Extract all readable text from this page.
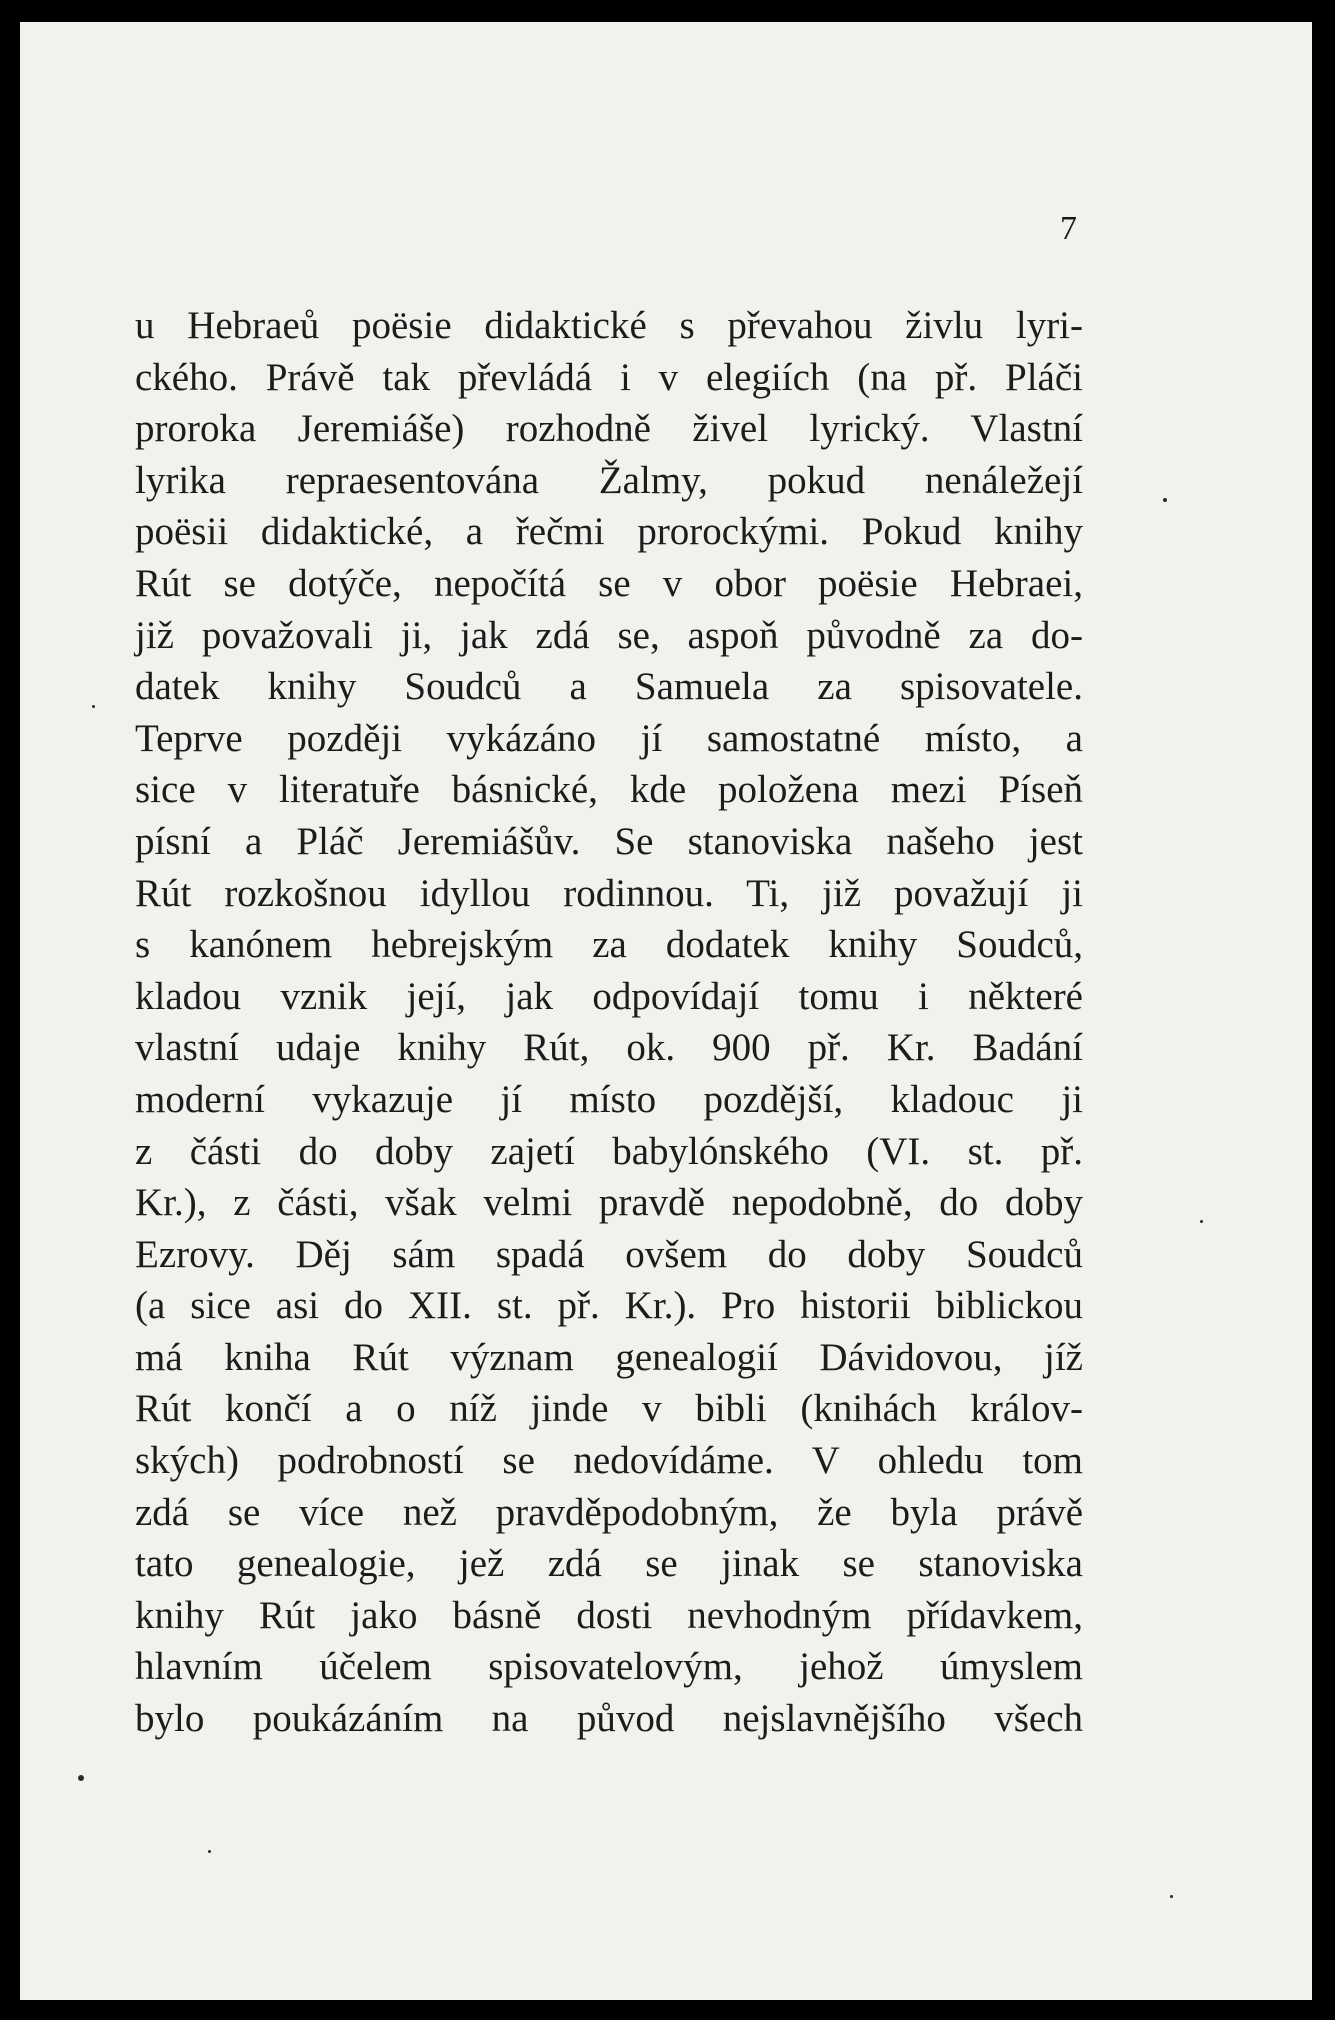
7
u Hebraeů poësie didaktické s převahou živlu lyri-
ckého. Právě tak převládá i v elegiích (na př. Pláči
proroka Jeremiáše) rozhodně živel lyrický. Vlastní
lyrika repraesentována Žalmy, pokud nenáležejí
poësii didaktické, a řečmi prorockými. Pokud knihy
Rút se dotýče, nepočítá se v obor poësie Hebraei,
již považovali ji, jak zdá se, aspoň původně za do-
datek knihy Soudců a Samuela za spisovatele.
Teprve později vykázáno jí samostatné místo, a
sice v literatuře básnické, kde položena mezi Píseň
písní a Pláč Jeremiášův. Se stanoviska našeho jest
Rút rozkošnou idyllou rodinnou. Ti, již považují ji
s kanónem hebrejským za dodatek knihy Soudců,
kladou vznik její, jak odpovídají tomu i některé
vlastní udaje knihy Rút, ok. 900 př. Kr. Badání
moderní vykazuje jí místo pozdější, kladouc ji
z části do doby zajetí babylónského (VI. st. př.
Kr.), z části, však velmi pravdě nepodobně, do doby
Ezrovy. Děj sám spadá ovšem do doby Soudců
(a sice asi do XII. st. př. Kr.). Pro historii biblickou
má kniha Rút význam genealogií Dávidovou, jíž
Rút končí a o níž jinde v bibli (knihách králov-
ských) podrobností se nedovídáme. V ohledu tom
zdá se více než pravděpodobným, že byla právě
tato genealogie, jež zdá se jinak se stanoviska
knihy Rút jako básně dosti nevhodným přídavkem,
hlavním účelem spisovatelovým, jehož úmyslem
bylo poukázáním na původ nejslavnějšího všech
